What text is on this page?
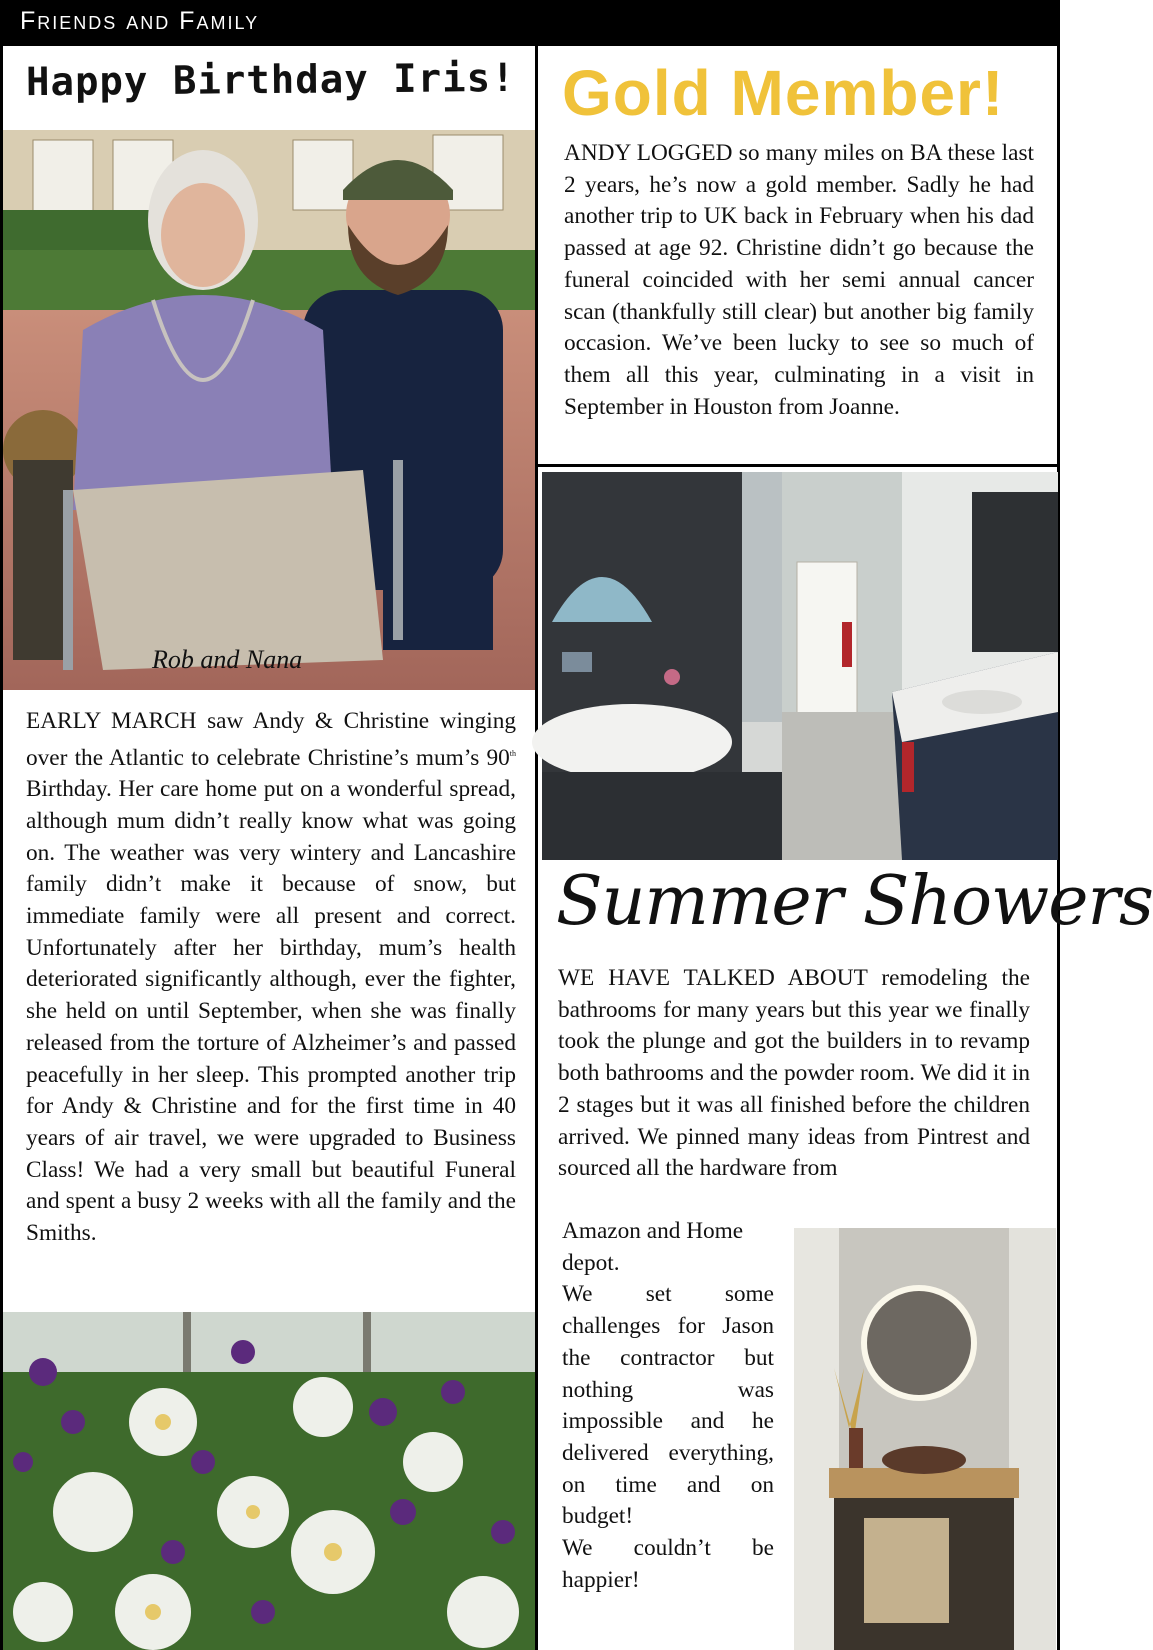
Friends and Family
Happy Birthday Iris!
Rob and Nana
EARLY MARCH saw Andy & Christine winging over the Atlantic to celebrate Christine’s mum’s 90th Birthday. Her care home put on a wonderful spread, although mum didn’t really know what was going on. The weather was very wintery and Lancashire family didn’t make it because of snow, but immediate family were all present and correct. Unfortunately after her birthday, mum’s health deteriorated significantly although, ever the fighter, she held on until September, when she was finally released from the torture of Alzheimer’s and passed peacefully in her sleep. This prompted another trip for Andy & Christine and for the first time in 40 years of air travel, we were upgraded to Business Class! We had a very small but beautiful Funeral and spent a busy 2 weeks with all the family and the Smiths.
Gold Member!
ANDY LOGGED so many miles on BA these last 2 years, he’s now a gold member. Sadly he had another trip to UK back in February when his dad passed at age 92. Christine didn’t go because the funeral coincided with her semi annual cancer scan (thankfully still clear) but another big family occasion. We’ve been lucky to see so much of them all this year, culminating in a visit in September in Houston from Joanne.
Summer Showers
WE HAVE TALKED ABOUT remodeling the bathrooms for many years but this year we finally took the plunge and got the builders in to revamp both bathrooms and the powder room. We did it in 2 stages but it was all finished before the children arrived. We pinned many ideas from Pintrest and sourced all the hardware from

Amazon and Home depot.

We set some challenges for Jason the contractor but nothing was impossible and he delivered everything, on time and on budget!

We couldn’t be happier!
